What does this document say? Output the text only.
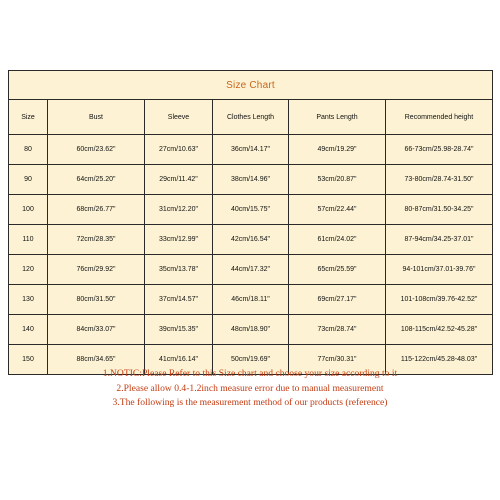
Size Chart					
Size	Bust	Sleeve	Clothes Length	Pants Length	Recommended height
80	60cm/23.62"	27cm/10.63"	36cm/14.17"	49cm/19.29"	66-73cm/25.98-28.74"
90	64cm/25.20"	29cm/11.42"	38cm/14.96"	53cm/20.87"	73-80cm/28.74-31.50"
100	68cm/26.77"	31cm/12.20"	40cm/15.75"	57cm/22.44"	80-87cm/31.50-34.25"
110	72cm/28.35"	33cm/12.99"	42cm/16.54"	61cm/24.02"	87-94cm/34.25-37.01"
120	76cm/29.92"	35cm/13.78"	44cm/17.32"	65cm/25.59"	94-101cm/37.01-39.76"
130	80cm/31.50"	37cm/14.57"	46cm/18.11"	69cm/27.17"	101-108cm/39.76-42.52"
140	84cm/33.07"	39cm/15.35"	48cm/18.90"	73cm/28.74"	108-115cm/42.52-45.28"
150	88cm/34.65"	41cm/16.14"	50cm/19.69"	77cm/30.31"	115-122cm/45.28-48.03"
1.NOTIC:Please Refer to this Size chart and choose your size according to it
2.Please allow 0.4-1.2inch measure error due to manual measurement
3.The following is the measurement method of our products (reference)
